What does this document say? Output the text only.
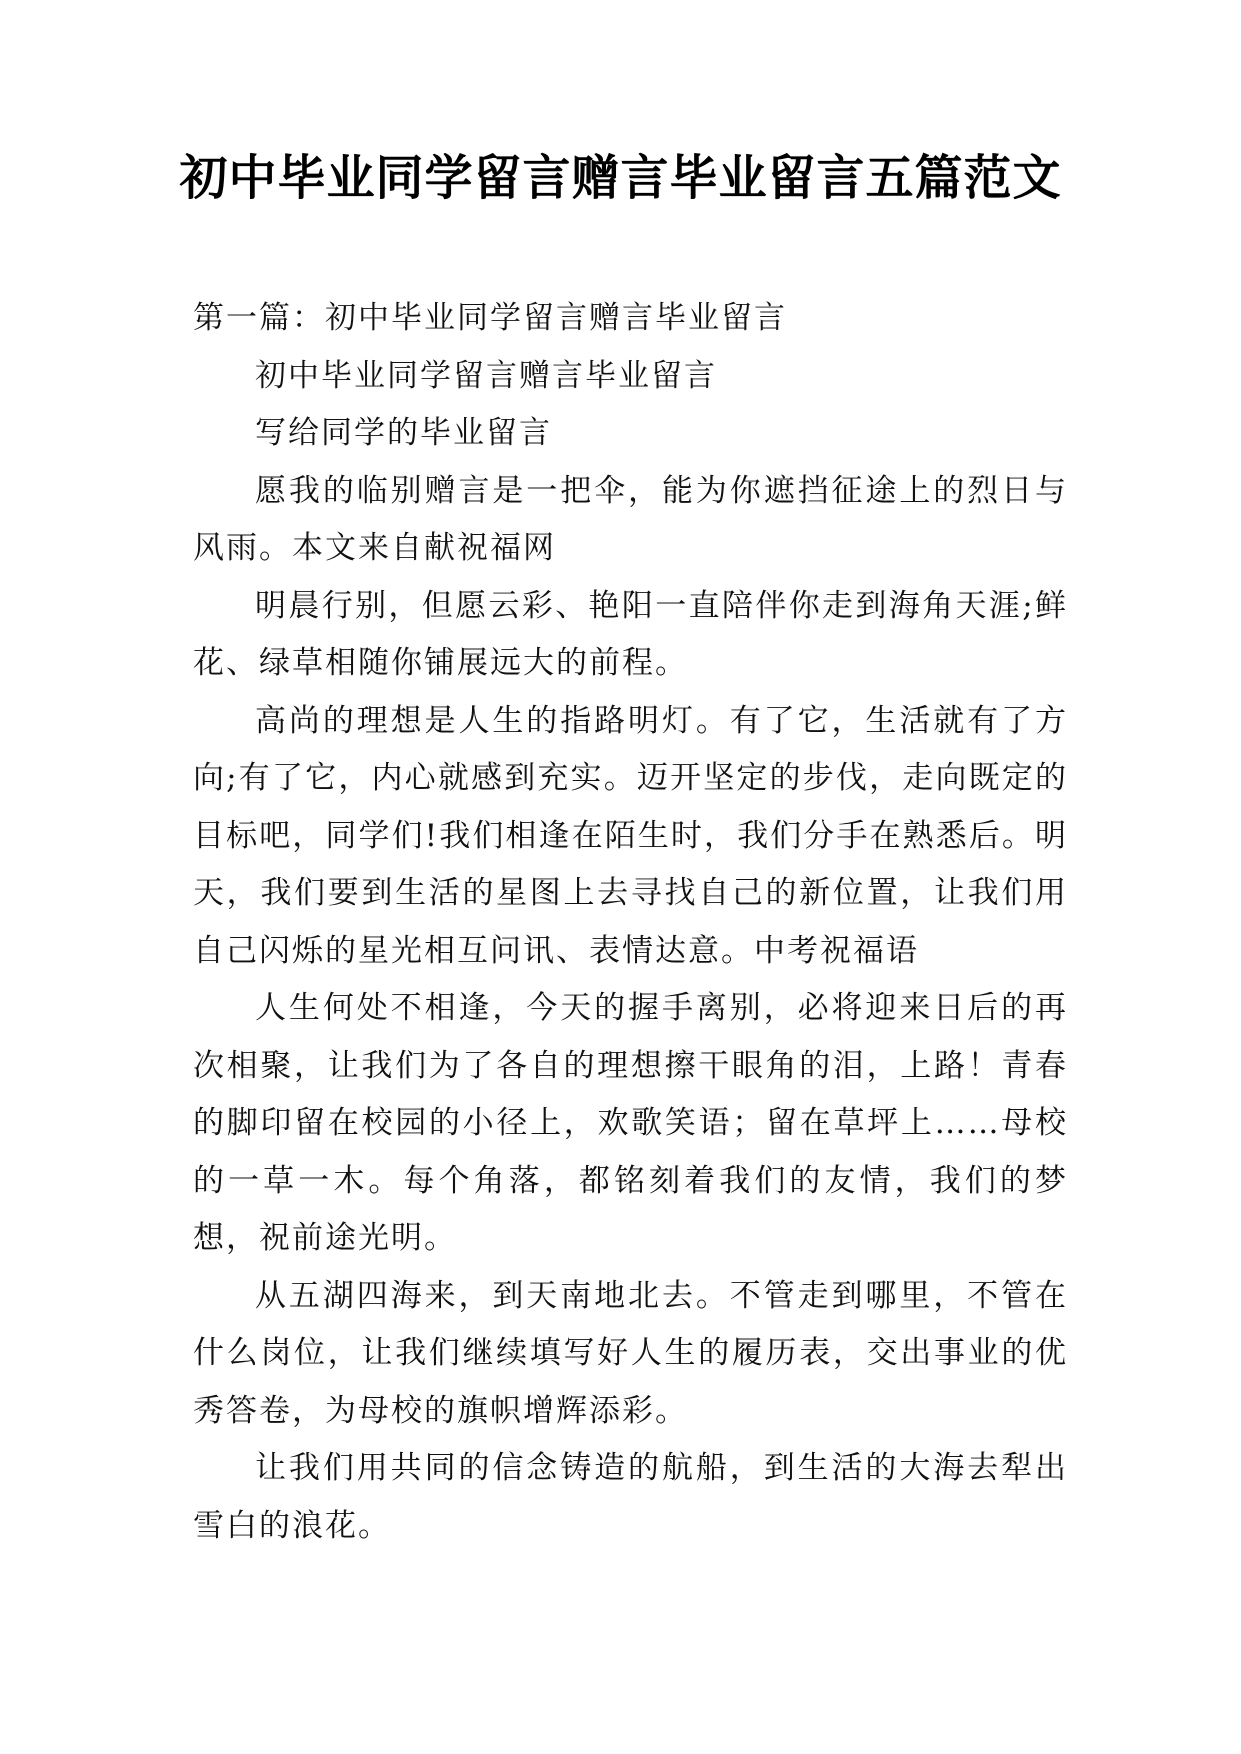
初中毕业同学留言赠言毕业留言五篇范文

第一篇：初中毕业同学留言赠言毕业留言

初中毕业同学留言赠言毕业留言

写给同学的毕业留言

愿我的临别赠言是一把伞，能为你遮挡征途上的烈日与风雨。本文来自献祝福网

明晨行别，但愿云彩、艳阳一直陪伴你走到海角天涯;鲜花、绿草相随你铺展远大的前程。

高尚的理想是人生的指路明灯。有了它，生活就有了方向;有了它，内心就感到充实。迈开坚定的步伐，走向既定的目标吧，同学们!我们相逢在陌生时，我们分手在熟悉后。明天，我们要到生活的星图上去寻找自己的新位置，让我们用自己闪烁的星光相互问讯、表情达意。中考祝福语

人生何处不相逢，今天的握手离别，必将迎来日后的再次相聚，让我们为了各自的理想擦干眼角的泪，上路！青春的脚印留在校园的小径上，欢歌笑语；留在草坪上……母校的一草一木。每个角落，都铭刻着我们的友情，我们的梦想，祝前途光明。

从五湖四海来，到天南地北去。不管走到哪里，不管在什么岗位，让我们继续填写好人生的履历表，交出事业的优秀答卷，为母校的旗帜增辉添彩。

让我们用共同的信念铸造的航船，到生活的大海去犁出雪白的浪花。
